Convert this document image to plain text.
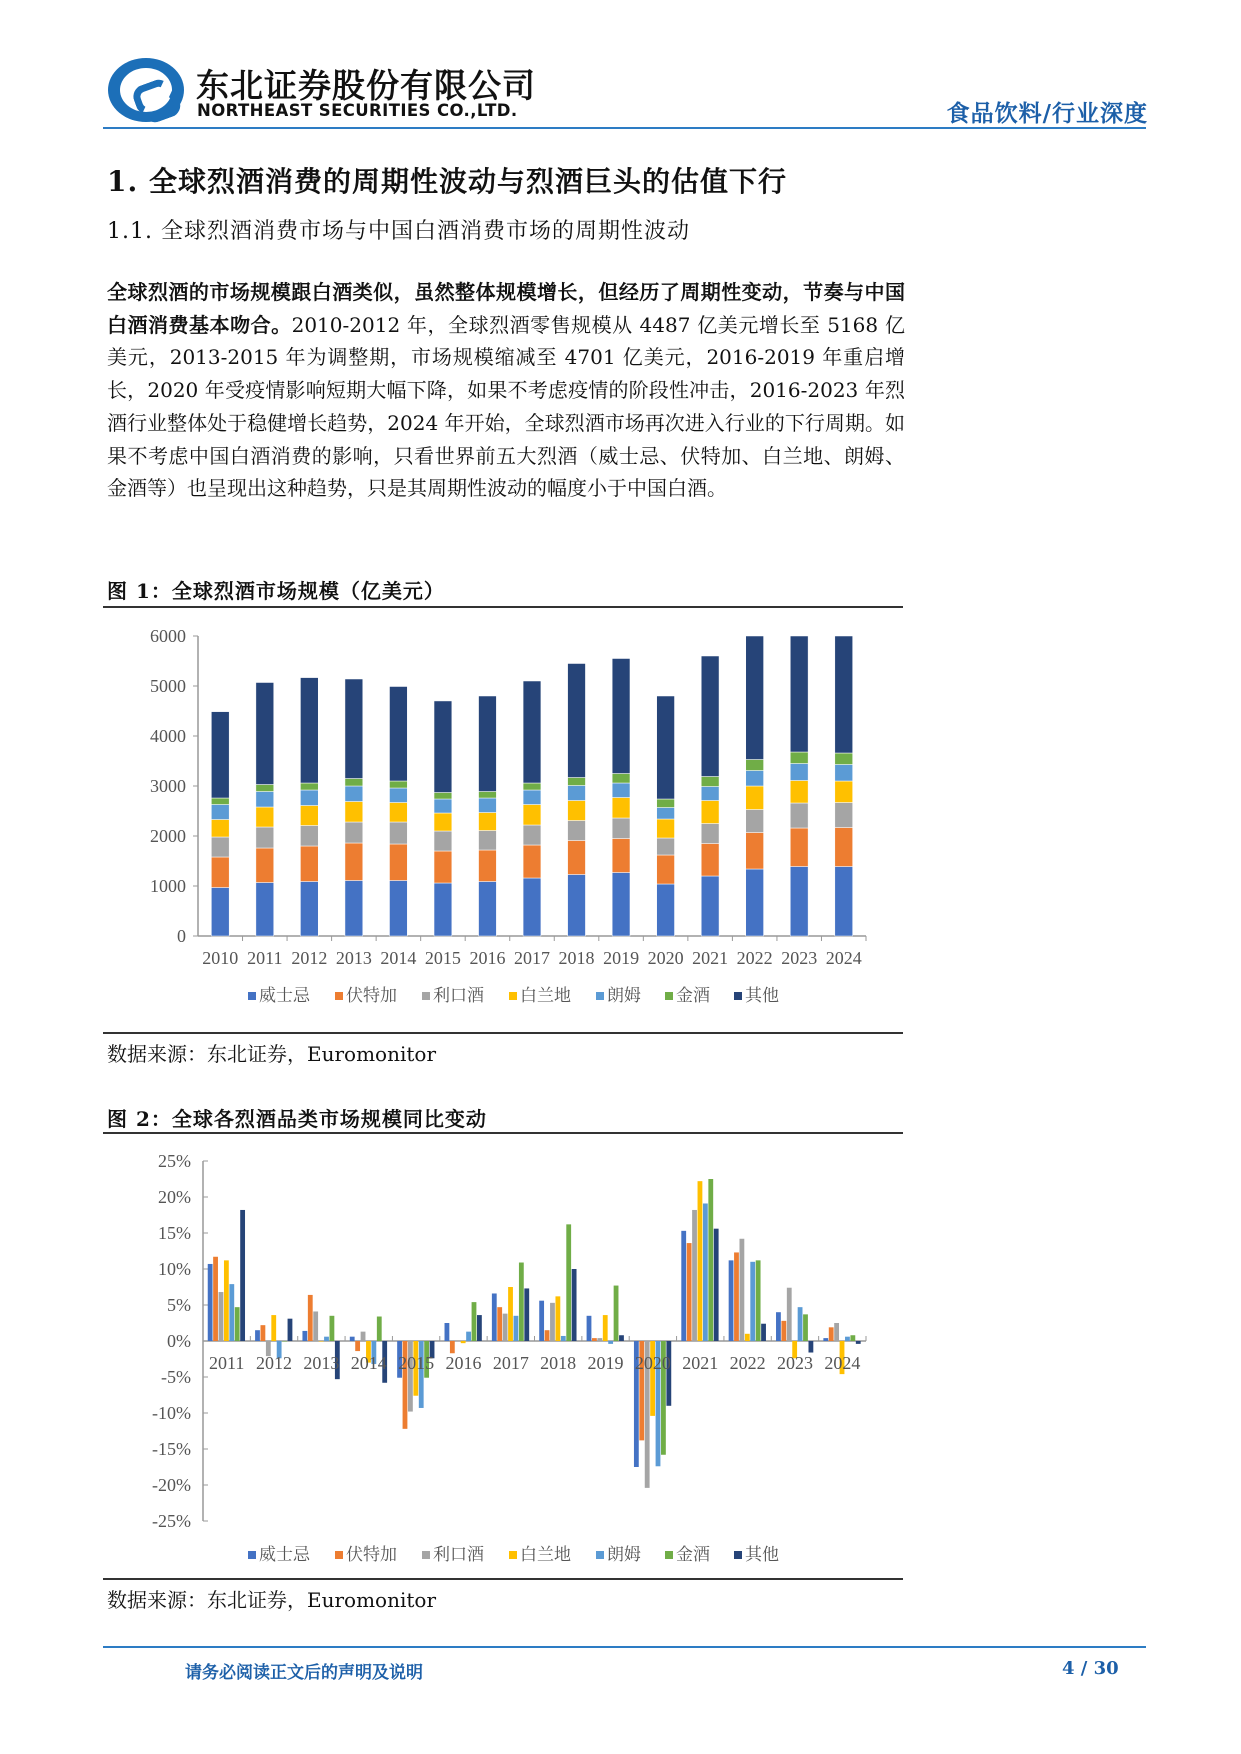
东北证券股份有限公司
NORTHEAST SECURITIES CO.,LTD.	食品饮料/行业深度
1. 全球烈酒消费的周期性波动与烈酒巨头的估值下行
1.1. 全球烈酒消费市场与中国白酒消费市场的周期性波动
全球烈酒的市场规模跟白酒类似，虽然整体规模增长，但经历了周期性变动，节奏与中国白酒消费基本吻合。2010-2012 年，全球烈酒零售规模从 4487 亿美元增长至 5168 亿美元，2013-2015 年为调整期，市场规模缩减至 4701 亿美元，2016-2019 年重启增长，2020 年受疫情影响短期大幅下降，如果不考虑疫情的阶段性冲击，2016-2023 年烈酒行业整体处于稳健增长趋势，2024 年开始，全球烈酒市场再次进入行业的下行周期。如果不考虑中国白酒消费的影响，只看世界前五大烈酒（威士忌、伏特加、白兰地、朗姆、金酒等）也呈现出这种趋势，只是其周期性波动的幅度小于中国白酒。
图 1：全球烈酒市场规模（亿美元）
0
1000
2000
3000
4000
5000
6000
2010 2011 2012 2013 2014 2015 2016 2017 2018 2019 2020 2021 2022 2023 2024
威士忌 伏特加 利口酒 白兰地 朗姆 金酒 其他
数据来源：东北证券，Euromonitor
图 2：全球各烈酒品类市场规模同比变动
25%
20%
15%
10%
5%
0%
-5%
-10%
-15%
-20%
-25%
2011 2012 2013 2014 2015 2016 2017 2018 2019 2020 2021 2022 2023 2024
威士忌 伏特加 利口酒 白兰地 朗姆 金酒 其他
数据来源：东北证券，Euromonitor
请务必阅读正文后的声明及说明	4 / 30
